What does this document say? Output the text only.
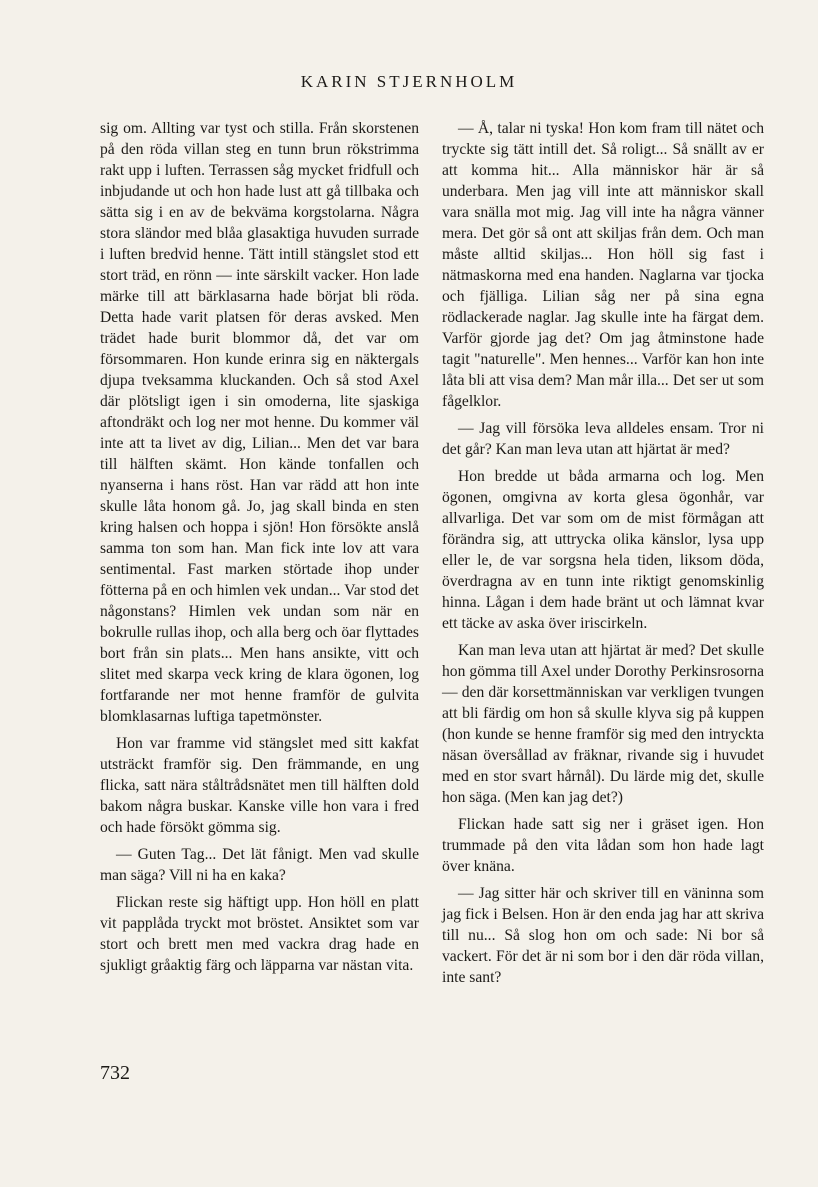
KARIN STJERNHOLM

sig om. Allting var tyst och stilla. Från skorstenen på den röda villan steg en tunn brun rökstrimma rakt upp i luften. Terrassen såg mycket fridfull och inbjudande ut och hon hade lust att gå tillbaka och sätta sig i en av de bekväma korgstolarna. Några stora sländor med blåa glasaktiga huvuden surrade i luften bredvid henne. Tätt intill stängslet stod ett stort träd, en rönn — inte särskilt vacker. Hon lade märke till att bärklasarna hade börjat bli röda. Detta hade varit platsen för deras avsked. Men trädet hade burit blommor då, det var om försommaren. Hon kunde erinra sig en näktergals djupa tveksamma kluckanden. Och så stod Axel där plötsligt igen i sin omoderna, lite sjaskiga aftondräkt och log ner mot henne. Du kommer väl inte att ta livet av dig, Lilian... Men det var bara till hälften skämt. Hon kände tonfallen och nyanserna i hans röst. Han var rädd att hon inte skulle låta honom gå. Jo, jag skall binda en sten kring halsen och hoppa i sjön! Hon försökte anslå samma ton som han. Man fick inte lov att vara sentimental. Fast marken störtade ihop under fötterna på en och himlen vek undan... Var stod det någonstans? Himlen vek undan som när en bokrulle rullas ihop, och alla berg och öar flyttades bort från sin plats... Men hans ansikte, vitt och slitet med skarpa veck kring de klara ögonen, log fortfarande ner mot henne framför de gulvita blomklasarnas luftiga tapetmönster.

Hon var framme vid stängslet med sitt kakfat utsträckt framför sig. Den främmande, en ung flicka, satt nära ståltrådsnätet men till hälften dold bakom några buskar. Kanske ville hon vara i fred och hade försökt gömma sig.

— Guten Tag... Det lät fånigt. Men vad skulle man säga? Vill ni ha en kaka?

Flickan reste sig häftigt upp. Hon höll en platt vit papplåda tryckt mot bröstet. Ansiktet som var stort och brett men med vackra drag hade en sjukligt gråaktig färg och läpparna var nästan vita.

— Å, talar ni tyska! Hon kom fram till nätet och tryckte sig tätt intill det. Så roligt... Så snällt av er att komma hit... Alla människor här är så underbara. Men jag vill inte att människor skall vara snälla mot mig. Jag vill inte ha några vänner mera. Det gör så ont att skiljas från dem. Och man måste alltid skiljas... Hon höll sig fast i nätmaskorna med ena handen. Naglarna var tjocka och fjälliga. Lilian såg ner på sina egna rödlackerade naglar. Jag skulle inte ha färgat dem. Varför gjorde jag det? Om jag åtminstone hade tagit "naturelle". Men hennes... Varför kan hon inte låta bli att visa dem? Man mår illa... Det ser ut som fågelklor.

— Jag vill försöka leva alldeles ensam. Tror ni det går? Kan man leva utan att hjärtat är med?

Hon bredde ut båda armarna och log. Men ögonen, omgivna av korta glesa ögonhår, var allvarliga. Det var som om de mist förmågan att förändra sig, att uttrycka olika känslor, lysa upp eller le, de var sorgsna hela tiden, liksom döda, överdragna av en tunn inte riktigt genomskinlig hinna. Lågan i dem hade bränt ut och lämnat kvar ett täcke av aska över iriscirkeln.

Kan man leva utan att hjärtat är med? Det skulle hon gömma till Axel under Dorothy Perkinsrosorna — den där korsettmänniskan var verkligen tvungen att bli färdig om hon så skulle klyva sig på kuppen (hon kunde se henne framför sig med den intryckta näsan översållad av fräknar, rivande sig i huvudet med en stor svart hårnål). Du lärde mig det, skulle hon säga. (Men kan jag det?)

Flickan hade satt sig ner i gräset igen. Hon trummade på den vita lådan som hon hade lagt över knäna.

— Jag sitter här och skriver till en väninna som jag fick i Belsen. Hon är den enda jag har att skriva till nu... Så slog hon om och sade: Ni bor så vackert. För det är ni som bor i den där röda villan, inte sant?

732
